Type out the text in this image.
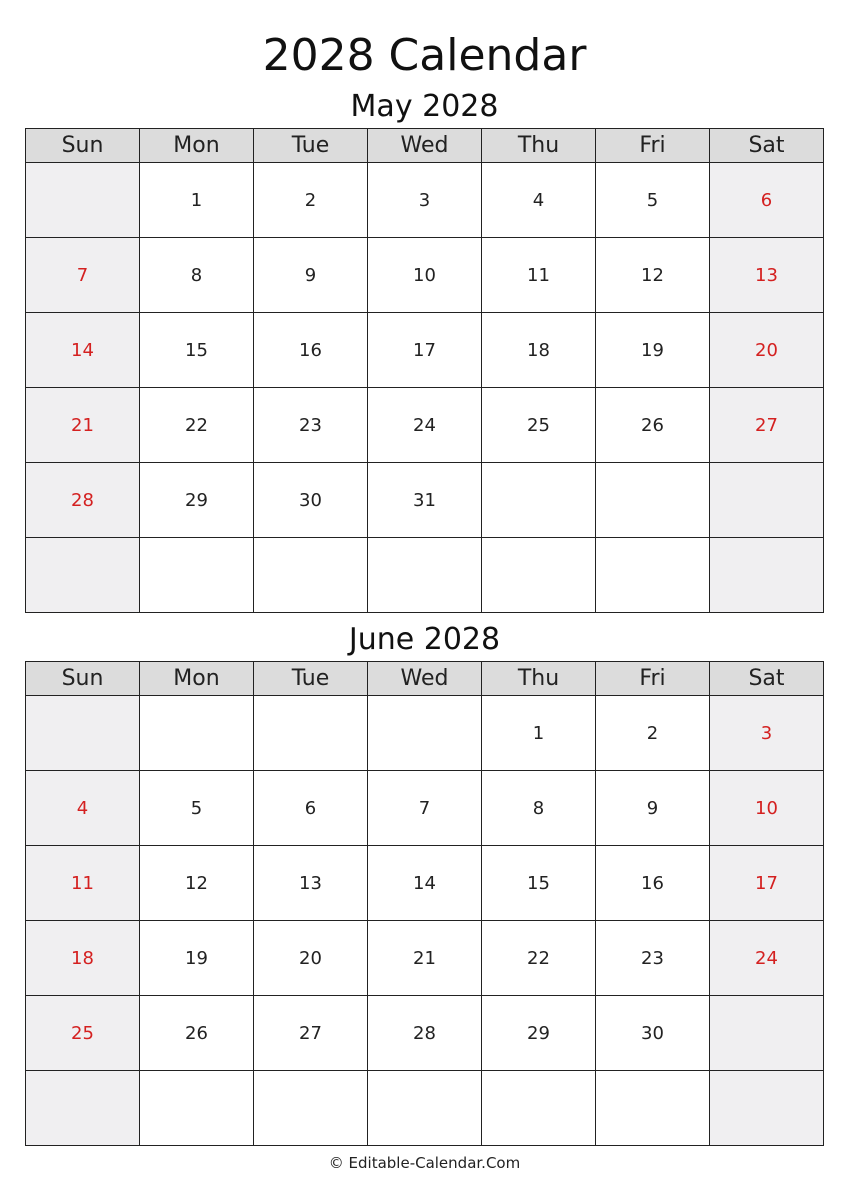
2028 Calendar
May 2028
Sun	Mon	Tue	Wed	Thu	Fri	Sat
	1	2	3	4	5	6
7	8	9	10	11	12	13
14	15	16	17	18	19	20
21	22	23	24	25	26	27
28	29	30	31			

June 2028
Sun	Mon	Tue	Wed	Thu	Fri	Sat
				1	2	3
4	5	6	7	8	9	10
11	12	13	14	15	16	17
18	19	20	21	22	23	24
25	26	27	28	29	30	

© Editable-Calendar.Com
